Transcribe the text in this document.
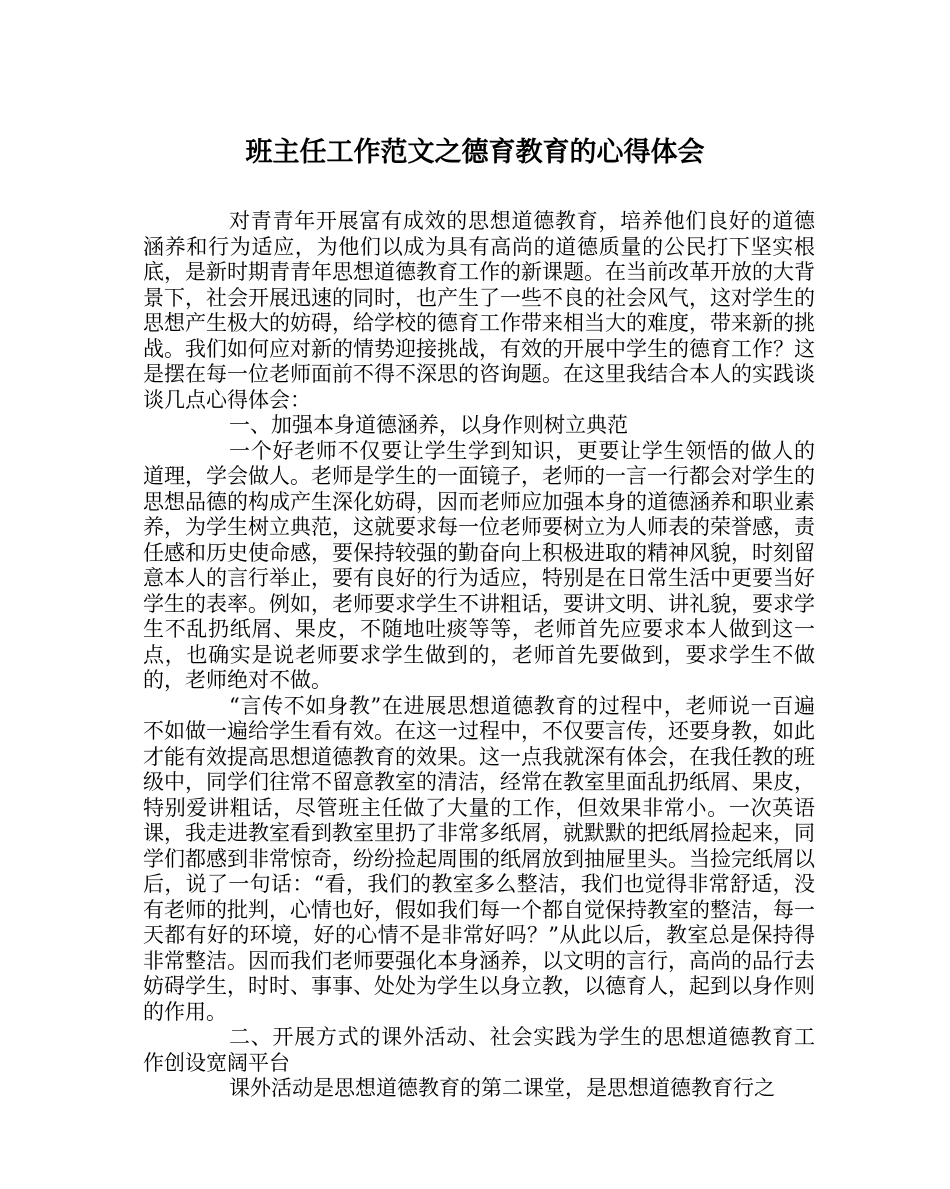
班主任工作范文之德育教育的心得体会

对青青年开展富有成效的思想道德教育，培养他们良好的道德涵养和行为适应，为他们以成为具有高尚的道德质量的公民打下坚实根底，是新时期青青年思想道德教育工作的新课题。在当前改革开放的大背景下，社会开展迅速的同时，也产生了一些不良的社会风气，这对学生的思想产生极大的妨碍，给学校的德育工作带来相当大的难度，带来新的挑战。我们如何应对新的情势迎接挑战，有效的开展中学生的德育工作？这是摆在每一位老师面前不得不深思的咨询题。在这里我结合本人的实践谈谈几点心得体会：

一、加强本身道德涵养，以身作则树立典范

一个好老师不仅要让学生学到知识，更要让学生领悟的做人的道理，学会做人。老师是学生的一面镜子，老师的一言一行都会对学生的思想品德的构成产生深化妨碍，因而老师应加强本身的道德涵养和职业素养，为学生树立典范，这就要求每一位老师要树立为人师表的荣誉感，责任感和历史使命感，要保持较强的勤奋向上积极进取的精神风貌，时刻留意本人的言行举止，要有良好的行为适应，特别是在日常生活中更要当好学生的表率。例如，老师要求学生不讲粗话，要讲文明、讲礼貌，要求学生不乱扔纸屑、果皮，不随地吐痰等等，老师首先应要求本人做到这一点，也确实是说老师要求学生做到的，老师首先要做到，要求学生不做的，老师绝对不做。

“言传不如身教”在进展思想道德教育的过程中，老师说一百遍不如做一遍给学生看有效。在这一过程中，不仅要言传，还要身教，如此才能有效提高思想道德教育的效果。这一点我就深有体会，在我任教的班级中，同学们往常不留意教室的清洁，经常在教室里面乱扔纸屑、果皮，特别爱讲粗话，尽管班主任做了大量的工作，但效果非常小。一次英语课，我走进教室看到教室里扔了非常多纸屑，就默默的把纸屑捡起来，同学们都感到非常惊奇，纷纷捡起周围的纸屑放到抽屉里头。当捡完纸屑以后，说了一句话：“看，我们的教室多么整洁，我们也觉得非常舒适，没有老师的批判，心情也好，假如我们每一个都自觉保持教室的整洁，每一天都有好的环境，好的心情不是非常好吗？”从此以后，教室总是保持得非常整洁。因而我们老师要强化本身涵养，以文明的言行，高尚的品行去妨碍学生，时时、事事、处处为学生以身立教，以德育人，起到以身作则的作用。

二、开展方式的课外活动、社会实践为学生的思想道德教育工作创设宽阔平台

课外活动是思想道德教育的第二课堂，是思想道德教育行之
